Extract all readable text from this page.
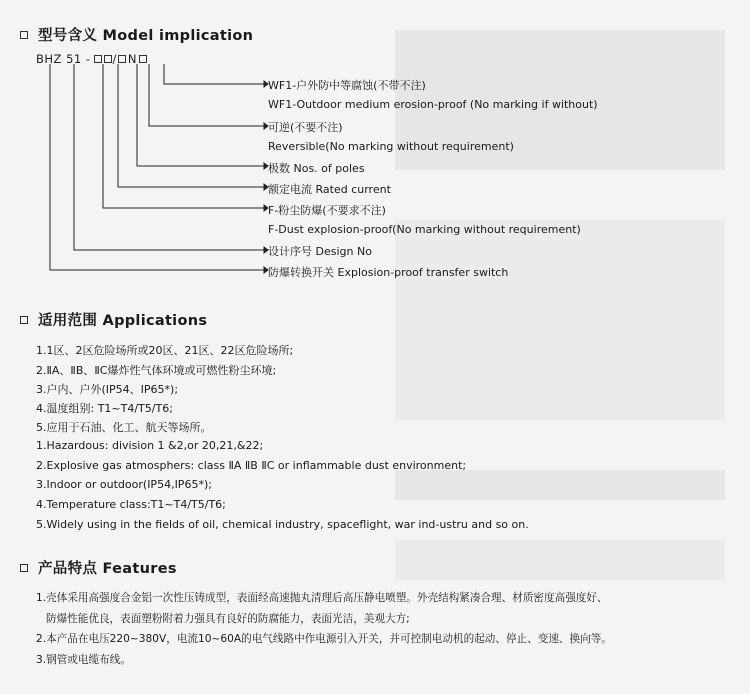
型号含义 Model implication
BHZ 51 - / N
WF1-户外防中等腐蚀(不带不注)
WF1-Outdoor medium erosion-proof (No marking if without)
可逆(不要不注)
Reversible(No marking without requirement)
极数 Nos. of poles
额定电流 Rated current
F-粉尘防爆(不要求不注)
F-Dust explosion-proof(No marking without requirement)
设计序号 Design No
防爆转换开关 Explosion-proof transfer switch
适用范围 Applications
1.1区、2区危险场所或20区、21区、22区危险场所;
2.ⅡA、ⅡB、ⅡC爆炸性气体环境或可燃性粉尘环境;
3.户内、户外(IP54、IP65*);
4.温度组别: T1~T4/T5/T6;
5.应用于石油、化工、航天等场所。
1.Hazardous: division 1 &2,or 20,21,&22;
2.Explosive gas atmosphers: class ⅡA ⅡB ⅡC or inflammable dust environment;
3.Indoor or outdoor(IP54,IP65*);
4.Temperature class:T1~T4/T5/T6;
5.Widely using in the fields of oil, chemical industry, spaceflight, war ind-ustru and so on.
产品特点 Features
1.壳体采用高强度合金铝一次性压铸成型，表面经高速抛丸清理后高压静电喷塑。外壳结构紧凑合理、材质密度高强度好、
防爆性能优良，表面塑粉附着力强具有良好的防腐能力，表面光洁，美观大方;
2.本产品在电压220~380V，电流10~60A的电气线路中作电源引入开关，并可控制电动机的起动、停止、变速、换向等。
3.钢管或电缆布线。
